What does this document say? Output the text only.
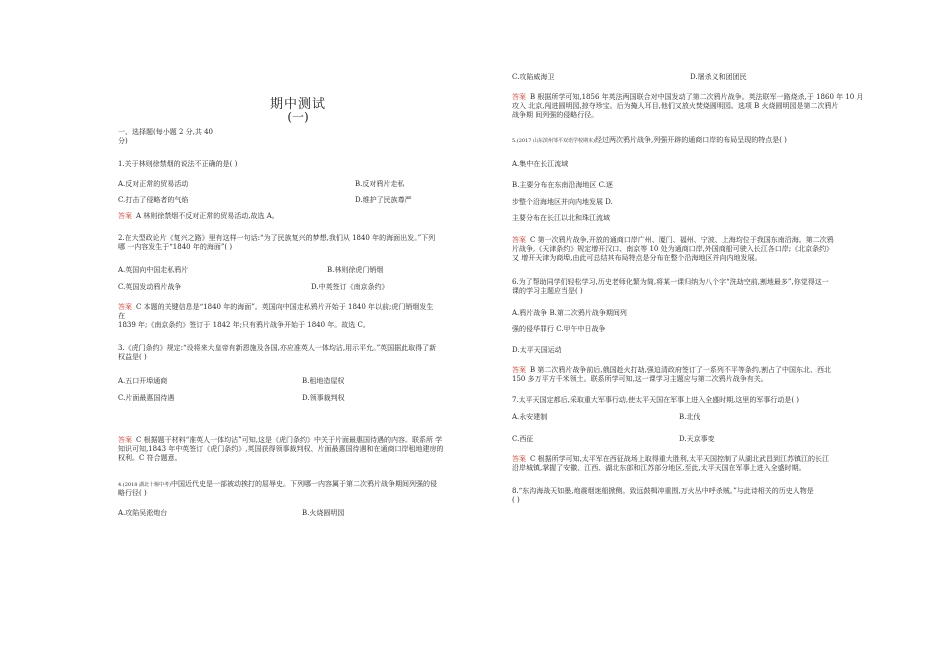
期中测试
(一)
一、选择题(每小题 2 分,共 40
分)
1.关于林则徐禁烟的说法不正确的是( )
A.反对正常的贸易活动	B.反对鸦片走私
C.打击了侵略者的气焰	D.维护了民族尊严
答案 A 林则徐禁烟不反对正常的贸易活动,故选 A。
2.在大型政论片《复兴之路》里有这样一句话:“为了民族复兴的梦想,我们从 1840 年的海面出发。”下列
哪 一内容发生于“1840 年的海面”( )
A.英国向中国走私鸦片	B.林则徐虎门销烟
C.英国发动鸦片战争	D.中英签订《南京条约》
答案 C 本题的关键信息是“1840 年的海面”。英国向中国走私鸦片开始于 1840 年以前;虎门销烟发生
在
1839 年;《南京条约》签订于 1842 年;只有鸦片战争开始于 1840 年。故选 C。
3.《虎门条约》规定:“设将来大皇帝有新恩施及各国,亦应准英人一体均沾,用示平允。”英国据此取得了新
权益是( )
A.五口开埠通商	B.租地造屋权
C.片面最惠国待遇	D.领事裁判权
答案 C 根据题干材料“准英人一体均沾”可知,这是《虎门条约》中关于片面最惠国待遇的内容。联系所 学
知识可知,1843 年中英签订《虎门条约》,英国获得领事裁判权、片面最惠国待遇和在通商口岸租地建房的
权利。C 符合题意。
4.(2018 湖北十堰中考)中国近代史是一部被动挨打的屈辱史。下列哪一内容属于第二次鸦片战争期间列强的侵
略行径( )
A.攻陷吴淞炮台	B.火烧圆明园
C.攻陷威海卫	D.屠杀义和团团民
答案 B 根据所学可知,1856 年英法两国联合对中国发动了第二次鸦片战争。英法联军一路烧杀,于 1860 年 10 月
攻入 北京,闯进圆明园,掠夺珍宝。后为掩人耳目,他们又放火焚烧圆明园。选项 B 火烧圆明园是第二次鸦片
战争期 间列强的侵略行径。
5.(2017 山东滨州邹平双语学校期末)经过两次鸦片战争,列强开辟的通商口岸的布局呈现的特点是( )
A.集中在长江流域
B.主要分布在东南沿海地区 C.逐
步整个沿海地区并向内地发展 D.
主要分布在长江以北和珠江流域
答案 C 第一次鸦片战争,开放的通商口岸广州、厦门、福州、宁波、上海均位于我国东南沿海。第二次鸦
片战争,《天津条约》规定增开汉口、南京等 10 处为通商口岸,外国商船可驶入长江各口岸;《北京条约》
又 增开天津为商埠,由此可总结其布局特点是分布在整个沿海地区并向内地发展。
6.为了帮助同学们轻松学习,历史老师化繁为简,将某一课归纳为八个字“洗劫空前,割地最多”,你觉得这一
课的学习主题应当是( )
A.鸦片战争 B.第二次鸦片战争期间列
强的侵华罪行 C.甲午中日战争
D.太平天国运动
答案 B 第二次鸦片战争前后,俄国趁火打劫,强迫清政府签订了一系列不平等条约,割占了中国东北、西北
150 多万平方千米领土。联系所学可知,这一课学习主题应与第二次鸦片战争有关。
7.太平天国定都后,采取重大军事行动,使太平天国在军事上进入全盛时期,这里的军事行动是( )
A.永安建制	B.北伐
C.西征	D.天京事变
答案 C 根据所学可知,太平军在西征战场上取得重大胜利,太平天国控制了从湖北武昌到江苏镇江的长江
沿岸城镇,掌握了安徽、江西、湖北东部和江苏部分地区,至此,太平天国在军事上进入全盛时期。
8.“东沟海战天如墨,炮震烟迷船掀侧。致远鼓楫冲重围,万火丛中呼杀贼。”与此诗相关的历史人物是
( )
